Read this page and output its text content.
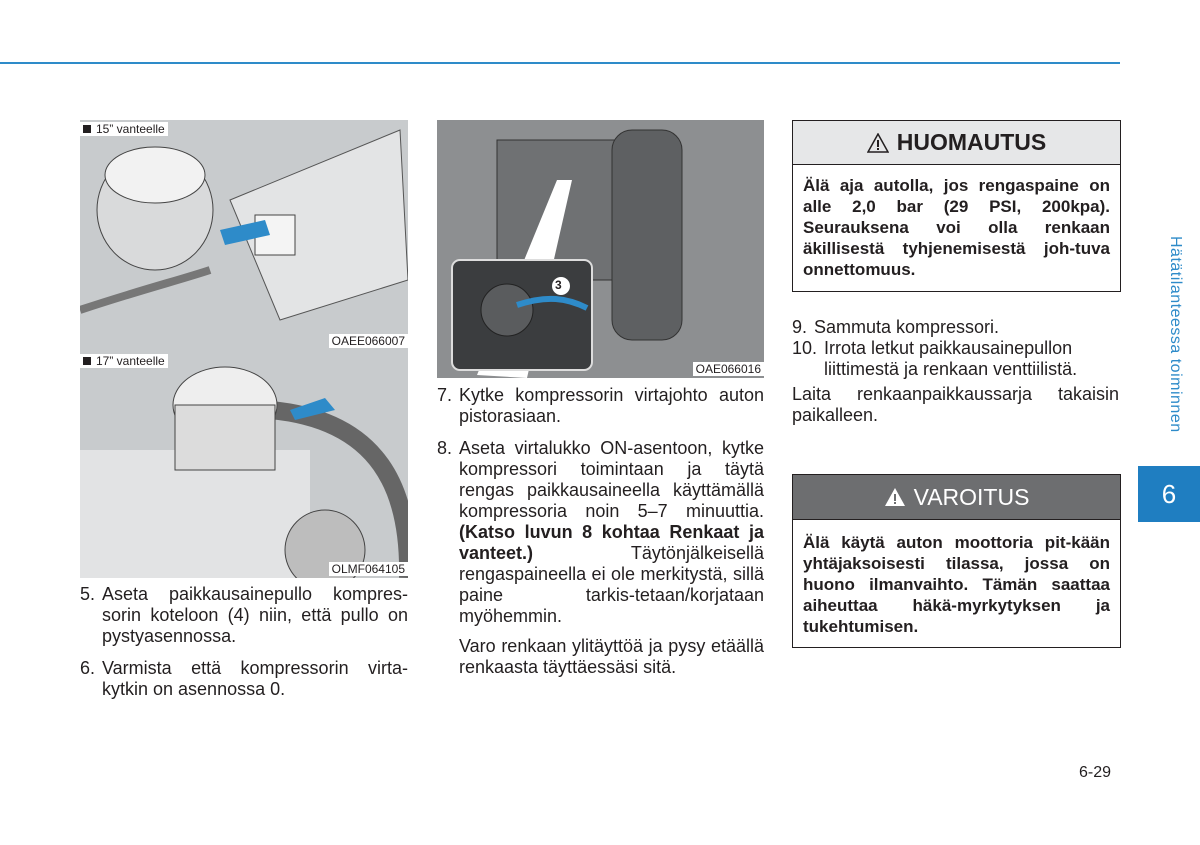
Hätätilanteessa toiminnen
6
15” vanteelle
OAEE066007
17” vanteelle
OLMF064105
3
OAE066016
5. Aseta paikkausainepullo kompres-sorin koteloon (4) niin, että pullo on pystyasennossa.

6. Varmista että kompressorin virta-kytkin on asennossa 0.

7. Kytke kompressorin virtajohto auton pistorasiaan.

8. Aseta virtalukko ON-asentoon, kytke kompressori toimintaan ja täytä rengas paikkausaineella käyttämällä kompressoria noin 5–7 minuuttia. (Katso luvun 8 kohtaa Renkaat ja vanteet.)	Täytönjälkeisellä rengaspaineella ei ole merkitystä, sillä paine tarkis-tetaan/korjataan myöhemmin.

Varo renkaan ylitäyttöä ja pysy etäällä renkaasta täyttäessäsi sitä.

HUOMAUTUS
Älä aja autolla, jos rengaspaine on alle 2,0 bar (29 PSI, 200kpa). Seurauksena voi olla renkaan äkillisestä tyhjenemisestä joh-tuva onnettomuus.
9. Sammuta kompressori.

10. Irrota letkut paikkausainepullon liittimestä ja renkaan venttiilistä.

Laita renkaanpaikkaussarja takaisin paikalleen.

VAROITUS
Älä käytä auton moottoria pit-kään yhtäjaksoisesti tilassa, jossa on huono ilmanvaihto. Tämän saattaa aiheuttaa häkä-myrkytyksen ja tukehtumisen.
6-29
